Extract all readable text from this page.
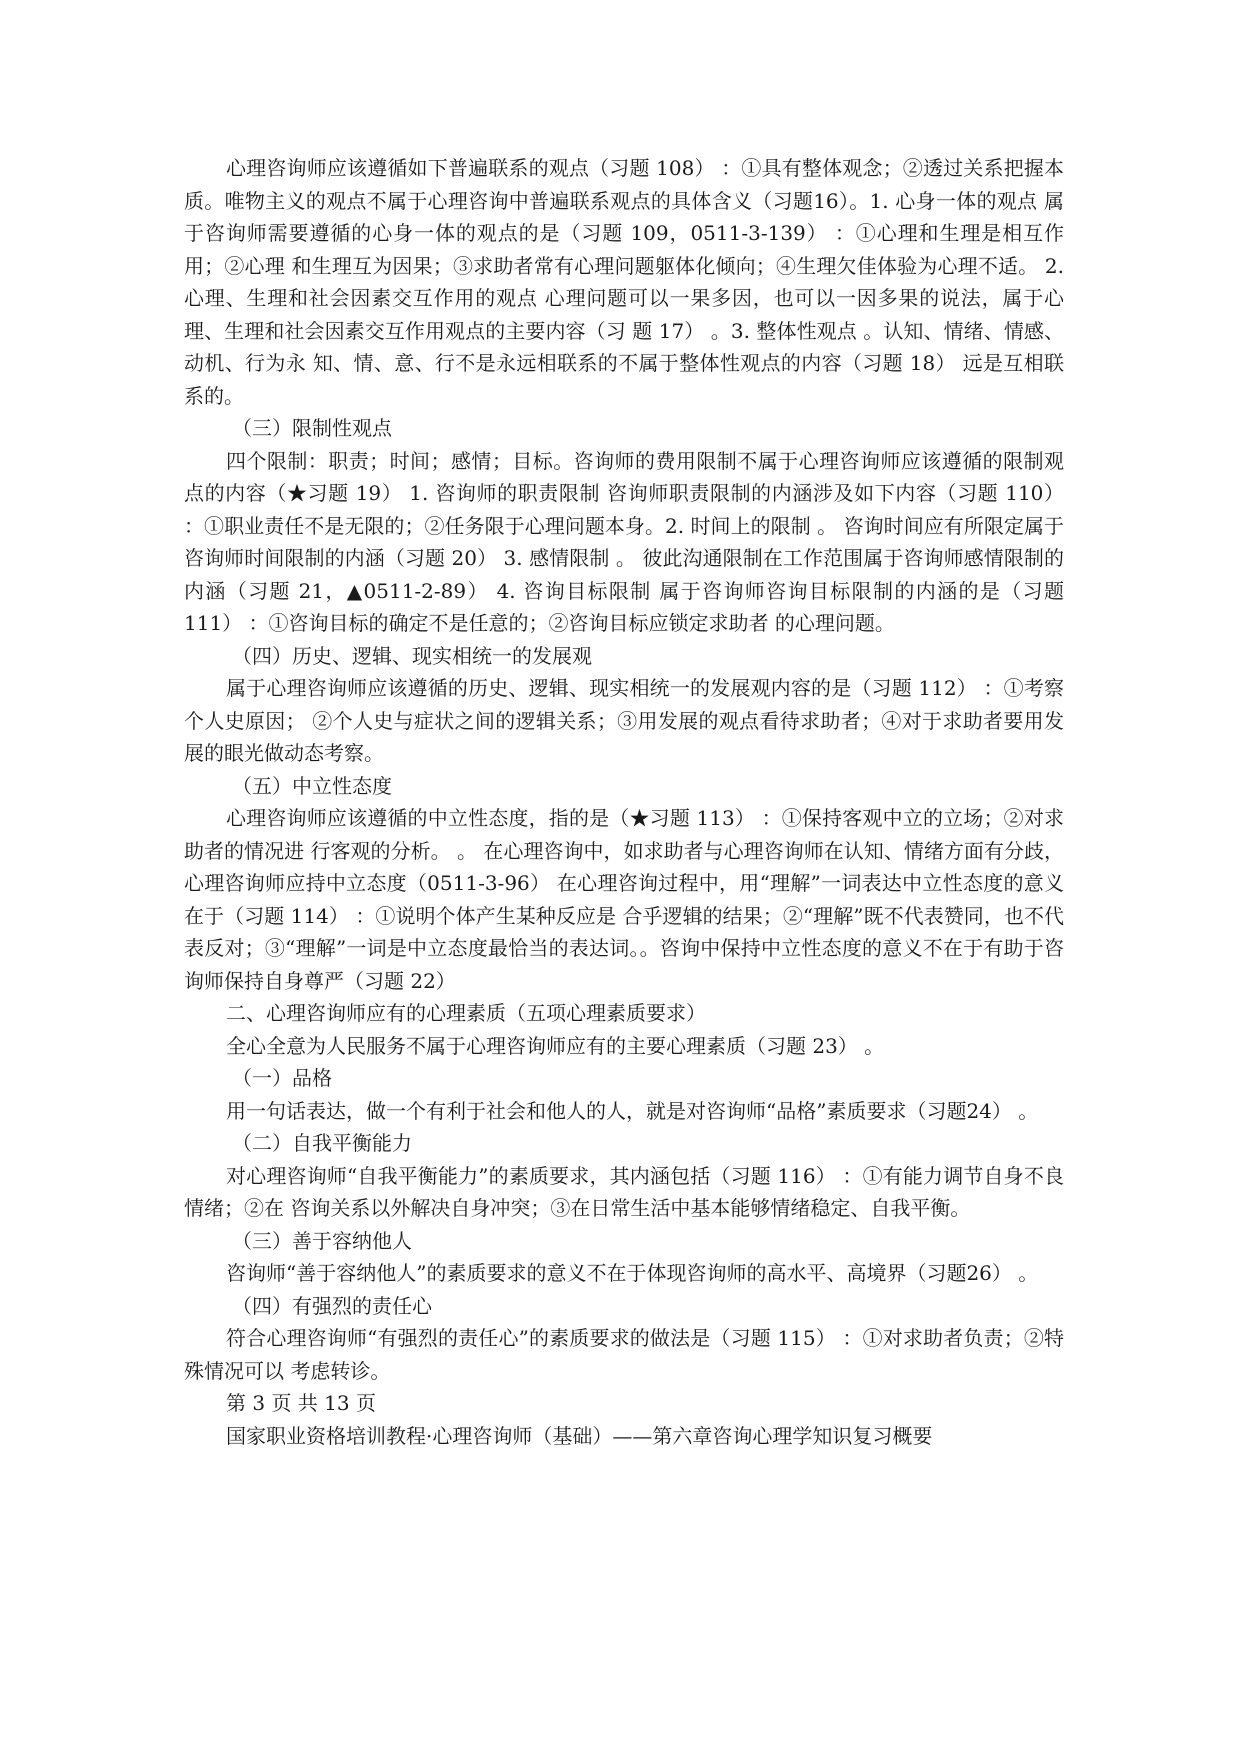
心理咨询师应该遵循如下普遍联系的观点（习题 108） ：①具有整体观念；②透过关系把握本质。唯物主义的观点不属于心理咨询中普遍联系观点的具体含义（习题16）。1. 心身一体的观点 属于咨询师需要遵循的心身一体的观点的是（习题 109，0511-3-139） ：①心理和生理是相互作用；②心理 和生理互为因果；③求助者常有心理问题躯体化倾向；④生理欠佳体验为心理不适。 2. 心理、生理和社会因素交互作用的观点 心理问题可以一果多因，也可以一因多果的说法，属于心理、生理和社会因素交互作用观点的主要内容（习 题 17） 。3. 整体性观点 。认知、情绪、情感、动机、行为永 知、情、意、行不是永远相联系的不属于整体性观点的内容（习题 18） 远是互相联系的。

（三）限制性观点

四个限制：职责；时间；感情；目标。咨询师的费用限制不属于心理咨询师应该遵循的限制观点的内容（★习题 19） 1. 咨询师的职责限制 咨询师职责限制的内涵涉及如下内容（习题 110） ：①职业责任不是无限的；②任务限于心理问题本身。2. 时间上的限制 。 咨询时间应有所限定属于咨询师时间限制的内涵（习题 20） 3. 感情限制 。 彼此沟通限制在工作范围属于咨询师感情限制的内涵（习题 21，▲0511-2-89） 4. 咨询目标限制 属于咨询师咨询目标限制的内涵的是（习题 111） ：①咨询目标的确定不是任意的；②咨询目标应锁定求助者 的心理问题。

（四）历史、逻辑、现实相统一的发展观

属于心理咨询师应该遵循的历史、逻辑、现实相统一的发展观内容的是（习题 112） ：①考察个人史原因； ②个人史与症状之间的逻辑关系；③用发展的观点看待求助者；④对于求助者要用发展的眼光做动态考察。

（五）中立性态度

心理咨询师应该遵循的中立性态度，指的是（★习题 113） ：①保持客观中立的立场；②对求助者的情况进 行客观的分析。 。 在心理咨询中，如求助者与心理咨询师在认知、情绪方面有分歧，心理咨询师应持中立态度（0511-3-96） 在心理咨询过程中，用“理解”一词表达中立性态度的意义在于（习题 114） ：①说明个体产生某种反应是 合乎逻辑的结果；②“理解”既不代表赞同，也不代表反对；③“理解”一词是中立态度最恰当的表达词。。咨询中保持中立性态度的意义不在于有助于咨询师保持自身尊严（习题 22）

二、心理咨询师应有的心理素质（五项心理素质要求）

全心全意为人民服务不属于心理咨询师应有的主要心理素质（习题 23） 。

（一）品格

用一句话表达，做一个有利于社会和他人的人，就是对咨询师“品格”素质要求（习题24） 。

（二）自我平衡能力

对心理咨询师“自我平衡能力”的素质要求，其内涵包括（习题 116） ：①有能力调节自身不良情绪；②在 咨询关系以外解决自身冲突；③在日常生活中基本能够情绪稳定、自我平衡。

（三）善于容纳他人

咨询师“善于容纳他人”的素质要求的意义不在于体现咨询师的高水平、高境界（习题26） 。

（四）有强烈的责任心

符合心理咨询师“有强烈的责任心”的素质要求的做法是（习题 115） ：①对求助者负责；②特殊情况可以 考虑转诊。

第 3 页 共 13 页

国家职业资格培训教程·心理咨询师（基础）——第六章咨询心理学知识复习概要
